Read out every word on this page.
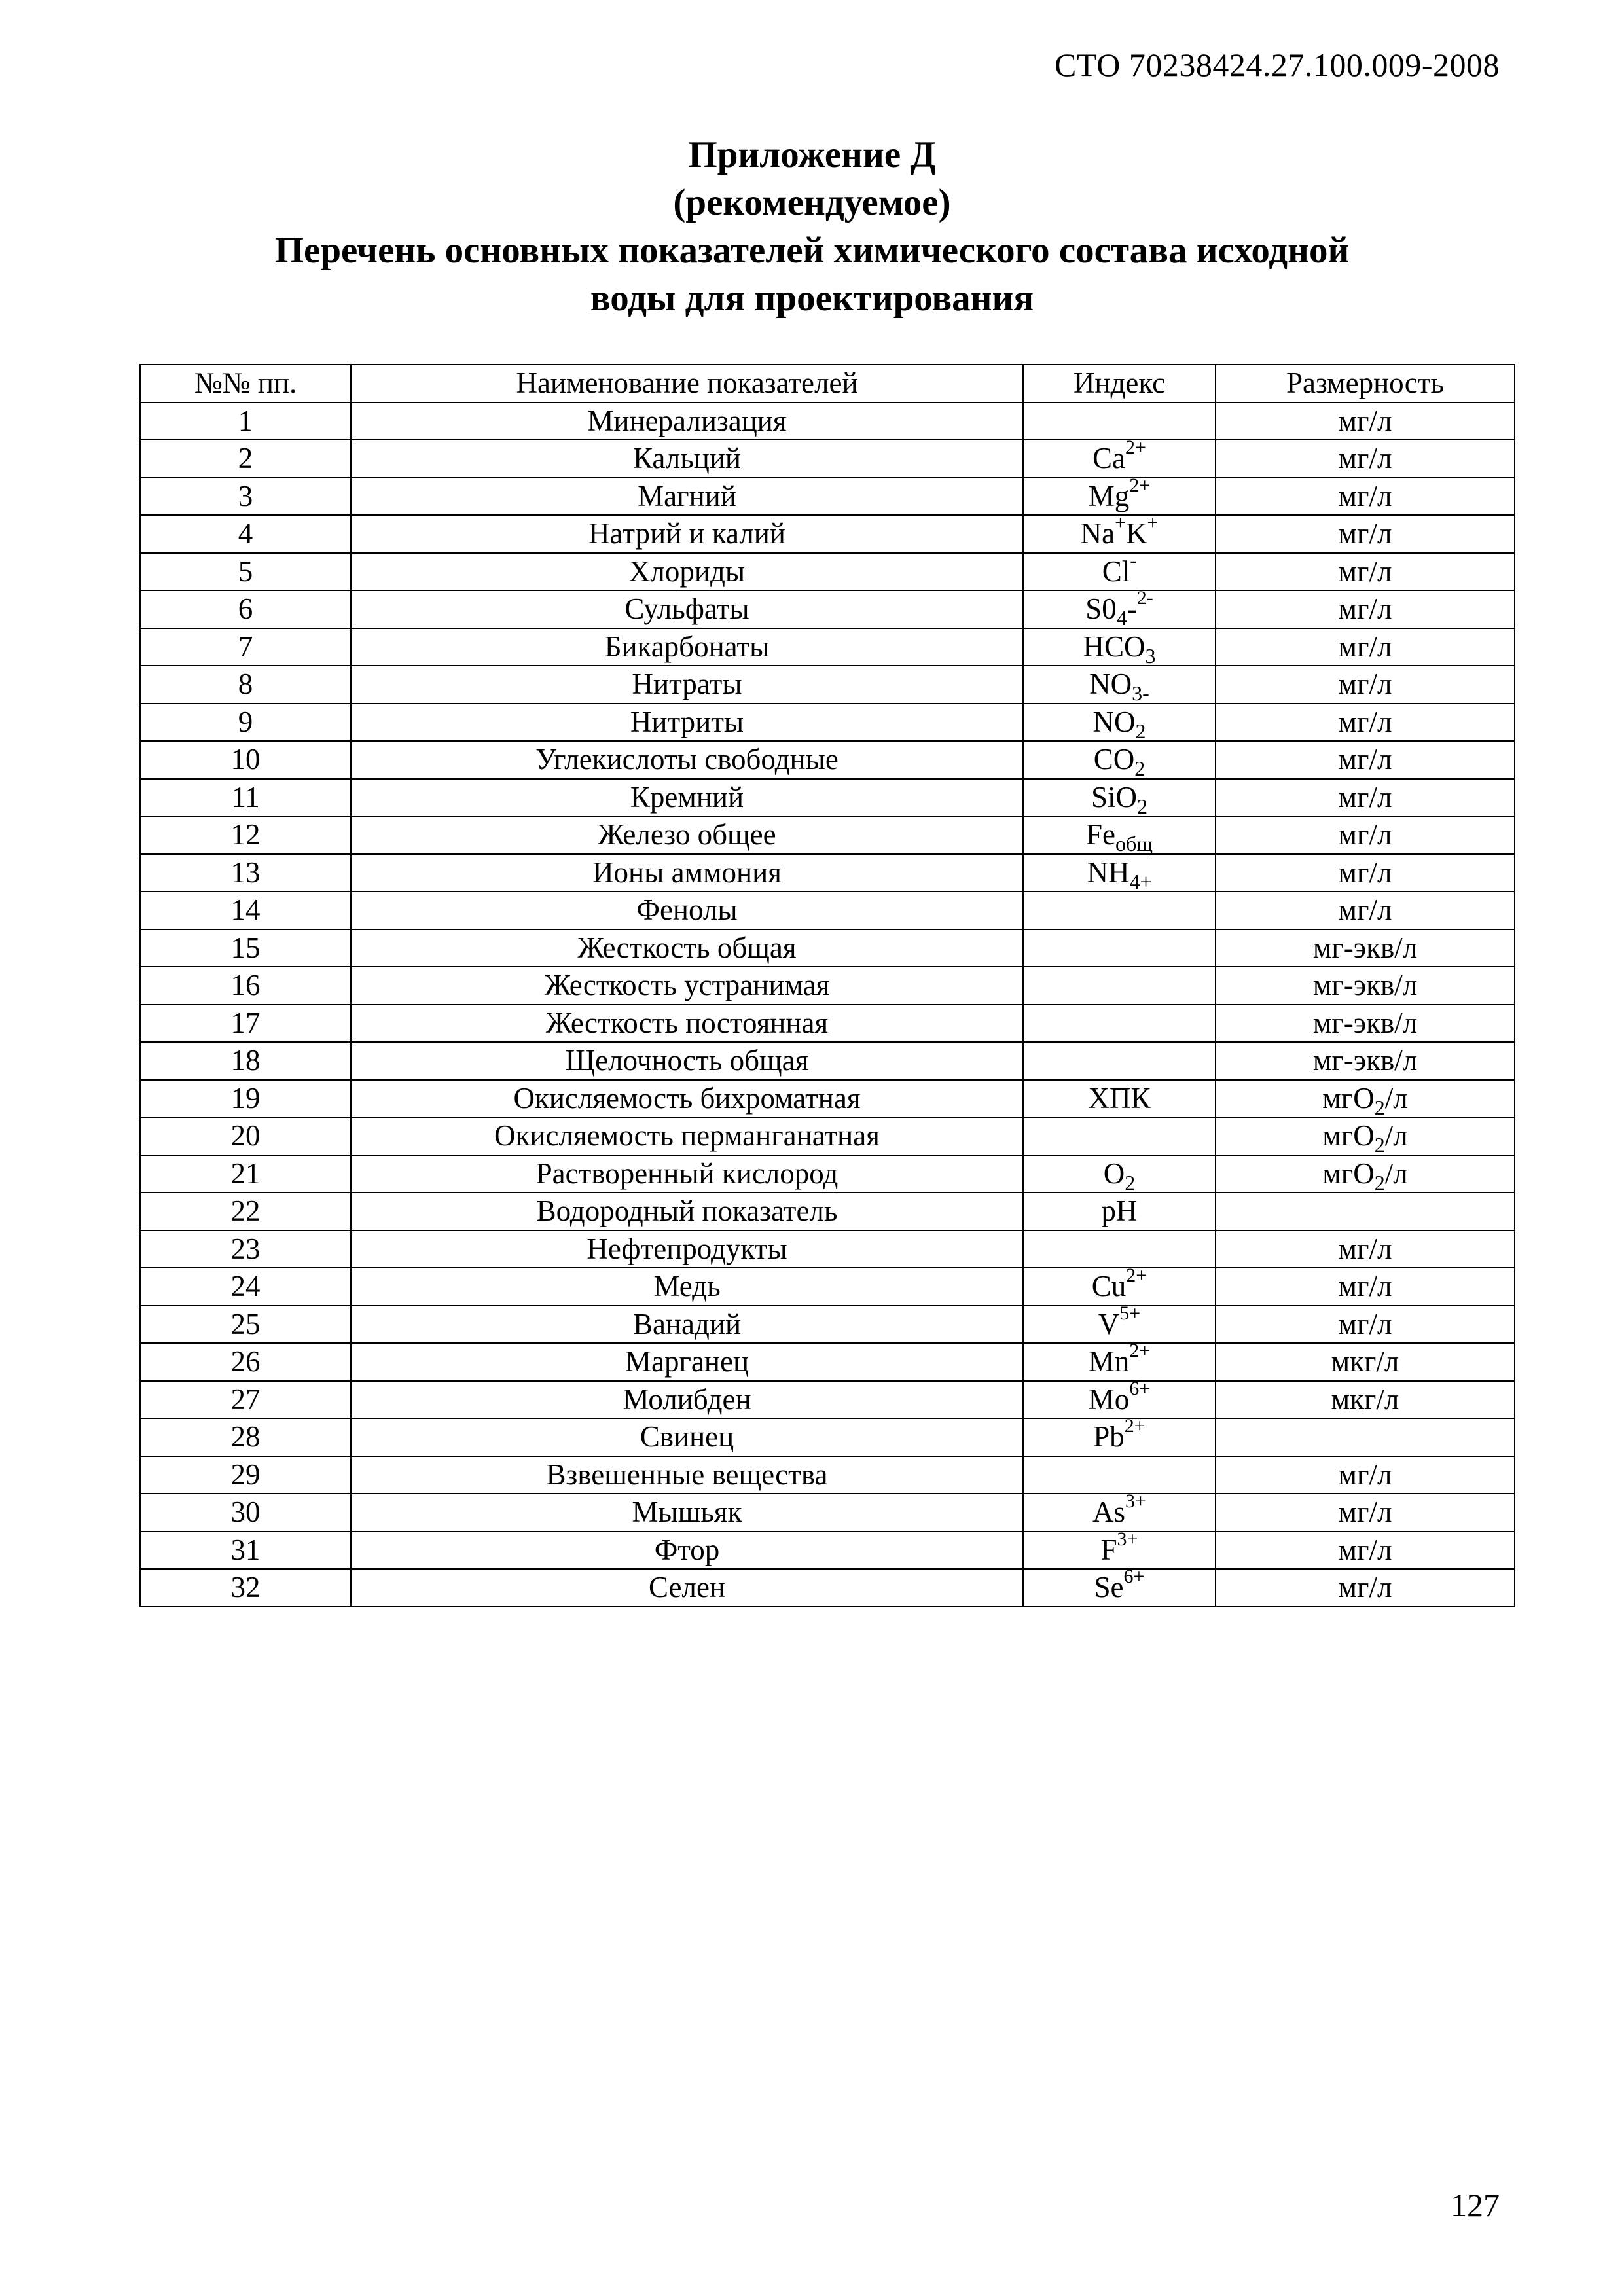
СТО 70238424.27.100.009-2008
Приложение Д
(рекомендуемое)
Перечень основных показателей химического состава исходной
воды для проектирования
№№ пп.	Наименование показателей	Индекс	Размерность
1	Минерализация		мг/л
2	Кальций	$Ca^{2+}$	мг/л
3	Магний	$Mg^{2+}$	мг/л
4	Натрий и калий	Na+K+	мг/л
5	Хлориды	Cl-	мг/л
6	Сульфаты	$S0_4-^{2-}$	мг/л
7	Бикарбонаты	$HCO_3$	мг/л
8	Нитраты	$NO_{3-}$	мг/л
9	Нитриты	$NO_2$	мг/л
10	Углекислоты свободные	$CO_2$	мг/л
11	Кремний	SiO$_2$	мг/л
12	Железо общее	$Fe_{общ}$	мг/л
13	Ионы аммония	$NH_{4+}$	мг/л
14	Фенолы		мг/л
15	Жесткость общая		мг-экв/л
16	Жесткость устранимая		мг-экв/л
17	Жесткость постоянная		мг-экв/л
18	Щелочность общая		мг-экв/л
19	Окисляемость бихроматная	ХПК	мгO$_2$/л
20	Окисляемость перманганатная		мгO$_2$/л
21	Растворенный кислород	$O_2$	мгO$_2$/л
22	Водородный показатель	pH	
23	Нефтепродукты		мг/л
24	Медь	$Cu^{2+}$	мг/л
25	Ванадий	$V^{5+}$	мг/л
26	Марганец	$Mn^{2+}$	мкг/л
27	Молибден	$Mo^{6+}$	мкг/л
28	Свинец	$Pb^{2+}$	
29	Взвешенные вещества		мг/л
30	Мышьяк	$As^{3+}$	мг/л
31	Фтор	$F^{3+}$	мг/л
32	Селен	$Se^{6+}$	мг/л
127
